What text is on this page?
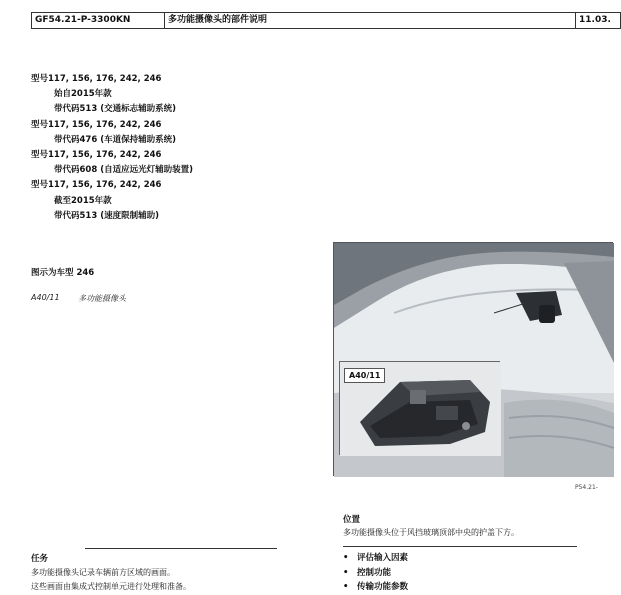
GF54.21-P-3300KN	多功能摄像头的部件说明	11.03.
型号117, 156, 176, 242, 246
始自2015年款
带代码513 (交通标志辅助系统)
型号117, 156, 176, 242, 246
带代码476 (车道保持辅助系统)
型号117, 156, 176, 242, 246
带代码608 (自适应远光灯辅助装置)
型号117, 156, 176, 242, 246
截至2015年款
带代码513 (速度限制辅助)
图示为车型 246
A40/11 多功能摄像头
A40/11
P54.21-
位置
多功能摄像头位于风挡玻璃顶部中央的护盖下方。
•	评估输入因素
•	控制功能
•	传输功能参数
任务
多功能摄像头记录车辆前方区域的画面。
这些画面由集成式控制单元进行处理和准备。
